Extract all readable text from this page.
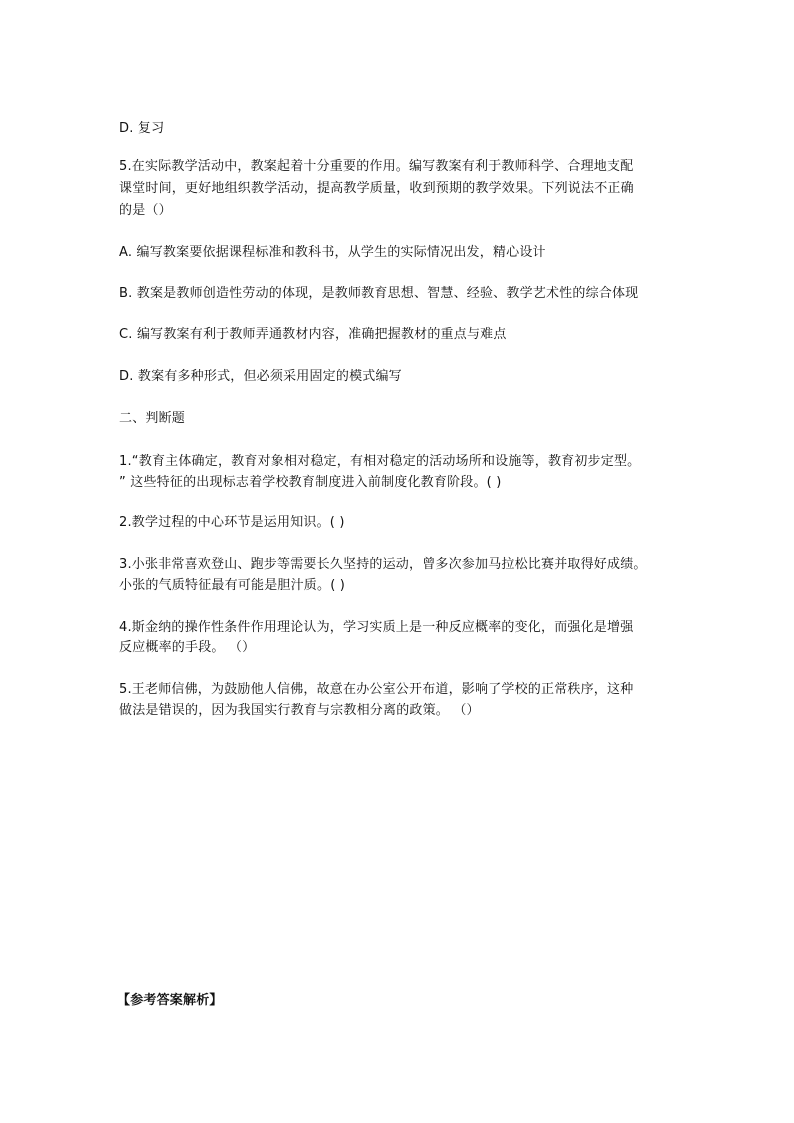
D. 复习
5.在实际教学活动中，教案起着十分重要的作用。编写教案有利于教师科学、合理地支配
课堂时间，更好地组织教学活动，提高教学质量，收到预期的教学效果。下列说法不正确
的是（）
A. 编写教案要依据课程标准和教科书，从学生的实际情况出发，精心设计
B. 教案是教师创造性劳动的体现，是教师教育思想、智慧、经验、教学艺术性的综合体现
C. 编写教案有利于教师弄通教材内容，准确把握教材的重点与难点
D. 教案有多种形式，但必须采用固定的模式编写
二、判断题
1.“教育主体确定，教育对象相对稳定，有相对稳定的活动场所和设施等，教育初步定型。
” 这些特征的出现标志着学校教育制度进入前制度化教育阶段。( )
2.教学过程的中心环节是运用知识。( )
3.小张非常喜欢登山、跑步等需要长久坚持的运动，曾多次参加马拉松比赛并取得好成绩。
小张的气质特征最有可能是胆汁质。( )
4.斯金纳的操作性条件作用理论认为，学习实质上是一种反应概率的变化，而强化是增强
反应概率的手段。 （）
5.王老师信佛，为鼓励他人信佛，故意在办公室公开布道，影响了学校的正常秩序，这种
做法是错误的，因为我国实行教育与宗教相分离的政策。 （）
【参考答案解析】
